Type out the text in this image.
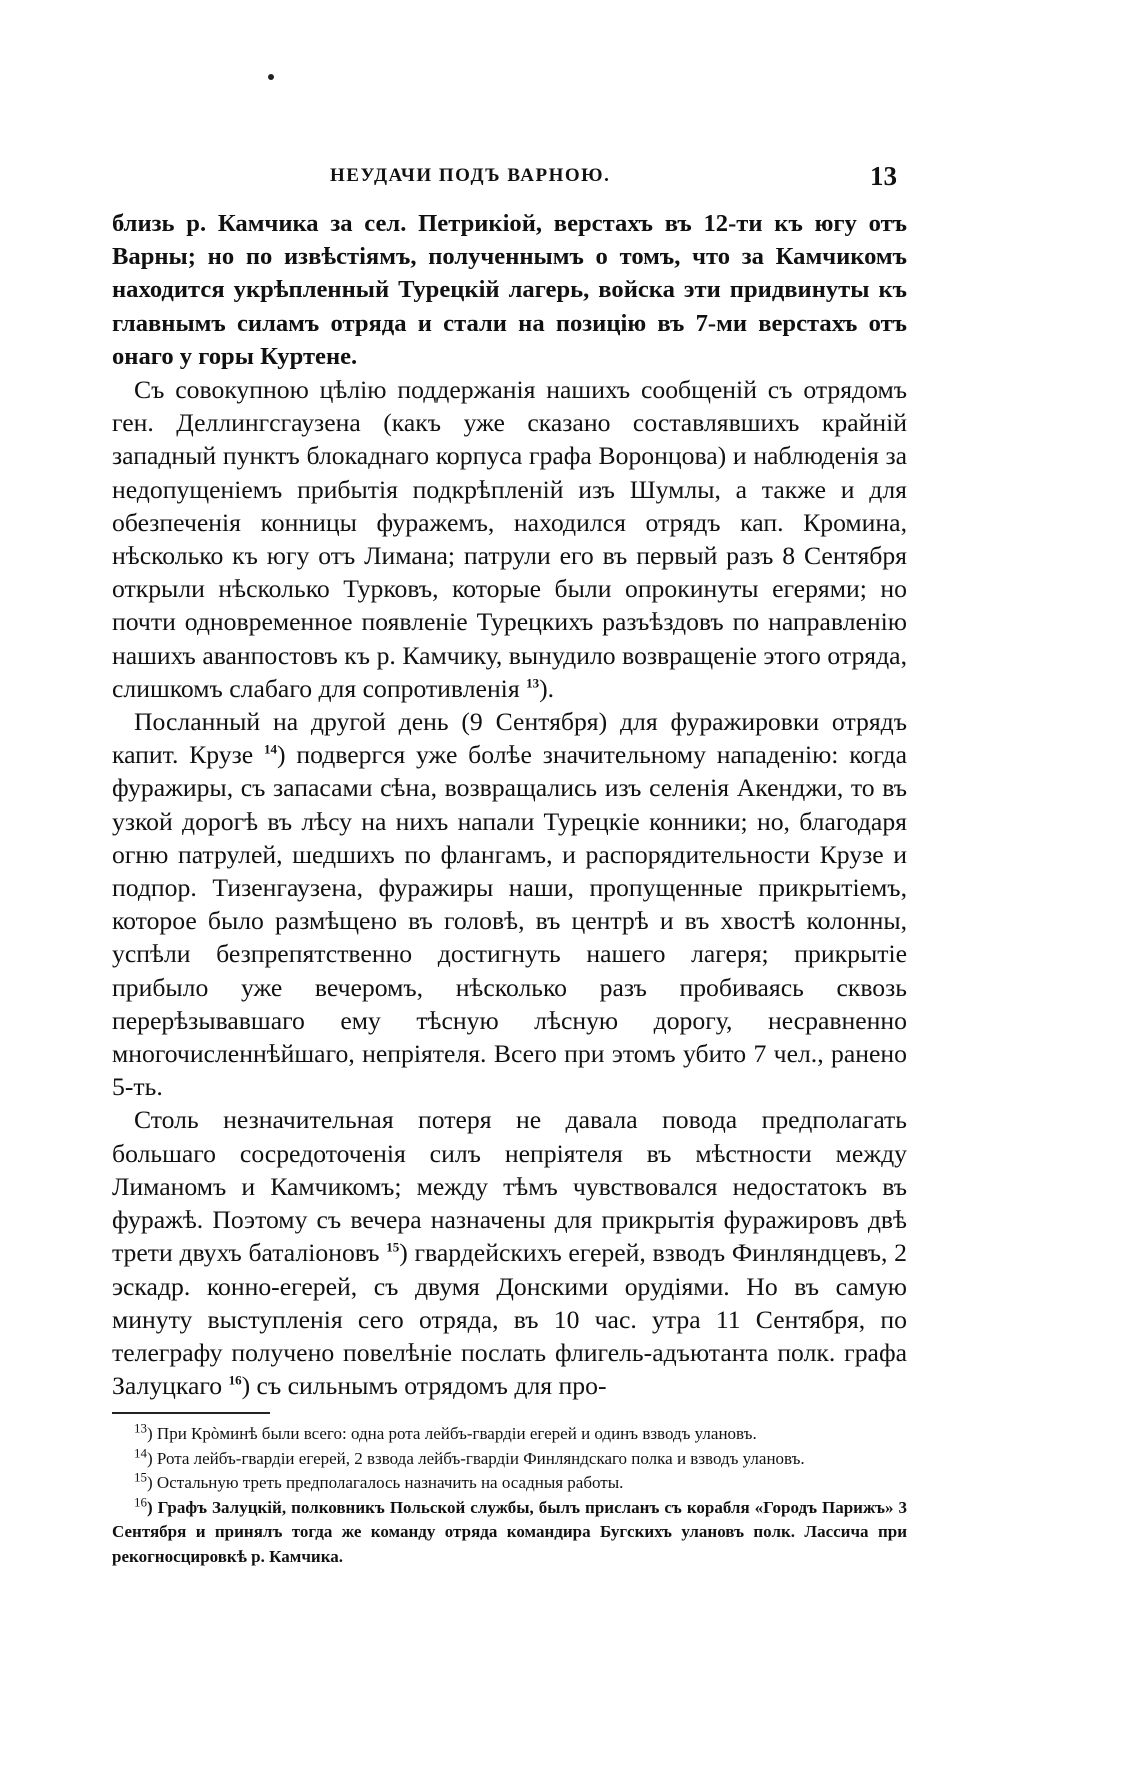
НЕУДАЧИ ПОДЪ ВАРНОЮ.	13

близь р. Камчика за сел. Петрикіой, верстахъ въ 12-ти къ югу отъ Варны; но по извѣстіямъ, полученнымъ о томъ, что за Камчикомъ находится укрѣпленный Турецкій лагерь, войска эти придвинуты къ главнымъ силамъ отряда и стали на позицію въ 7-ми верстахъ отъ онаго у горы Куртене.

Съ совокупною цѣлію поддержанія нашихъ сообщеній съ отрядомъ ген. Деллингсгаузена (какъ уже сказано составлявшихъ крайній западный пунктъ блокаднаго корпуса графа Воронцова) и наблюденія за недопущеніемъ прибытія подкрѣпленій изъ Шумлы, а также и для обезпеченія конницы фуражемъ, находился отрядъ кап. Кромина, нѣсколько къ югу отъ Лимана; патрули его въ первый разъ 8 Сентября открыли нѣсколько Турковъ, которые были опрокинуты егерями; но почти одновременное появленіе Турецкихъ разъѣздовъ по направленію нашихъ аванпостовъ къ р. Камчику, вынудило возвращеніе этого отряда, слишкомъ слабаго для сопротивленія $^{13}$).

Посланный на другой день (9 Сентября) для фуражировки отрядъ капит. Крузе $^{14}$) подвергся уже болѣе значительному нападенію: когда фуражиры, съ запасами сѣна, возвращались изъ селенія Акенджи, то въ узкой дорогѣ въ лѣсу на нихъ напали Турецкіе конники; но, благодаря огню патрулей, шедшихъ по флангамъ, и распорядительности Крузе и подпор. Тизенгаузена, фуражиры наши, пропущенные прикрытіемъ, которое было размѣщено въ головѣ, въ центрѣ и въ хвостѣ колонны, успѣли безпрепятственно достигнуть нашего лагеря; прикрытіе прибыло уже вечеромъ, нѣсколько разъ пробиваясь сквозь перерѣзывавшаго ему тѣсную лѣсную дорогу, несравненно многочисленнѣйшаго, непріятеля. Всего при этомъ убито 7 чел., ранено 5-ть.

Столь незначительная потеря не давала повода предполагать большаго сосредоточенія силъ непріятеля въ мѣстности между Лиманомъ и Камчикомъ; между тѣмъ чувствовался недостатокъ въ фуражѣ. Поэтому съ вечера назначены для прикрытія фуражировъ двѣ трети двухъ баталіоновъ $^{15}$) гвардейскихъ егерей, взводъ Финляндцевъ, 2 эскадр. конно-егерей, съ двумя Донскими орудіями. Но въ самую минуту выступленія сего отряда, въ 10 час. утра 11 Сентября, по телеграфу получено повелѣніе послать флигель-адъютанта полк. графа Залуцкаго $^{16}$) съ сильнымъ отрядомъ для про-

$^{13}$) При Крòминѣ были всего: одна рота лейбъ-гвардіи егерей и одинъ взводъ улановъ.

$^{14}$) Рота лейбъ-гвардіи егерей, 2 взвода лейбъ-гвардіи Финляндскаго полка и взводъ улановъ.

$^{15}$) Остальную треть предполагалось назначить на осадныя работы.

$^{16}$) Графъ Залуцкій, полковникъ Польской службы, былъ присланъ съ корабля «Городъ Парижъ» 3 Сентября и принялъ тогда же команду отряда командира Бугскихъ улановъ полк. Лассича при рекогносцировкѣ р. Камчика.
